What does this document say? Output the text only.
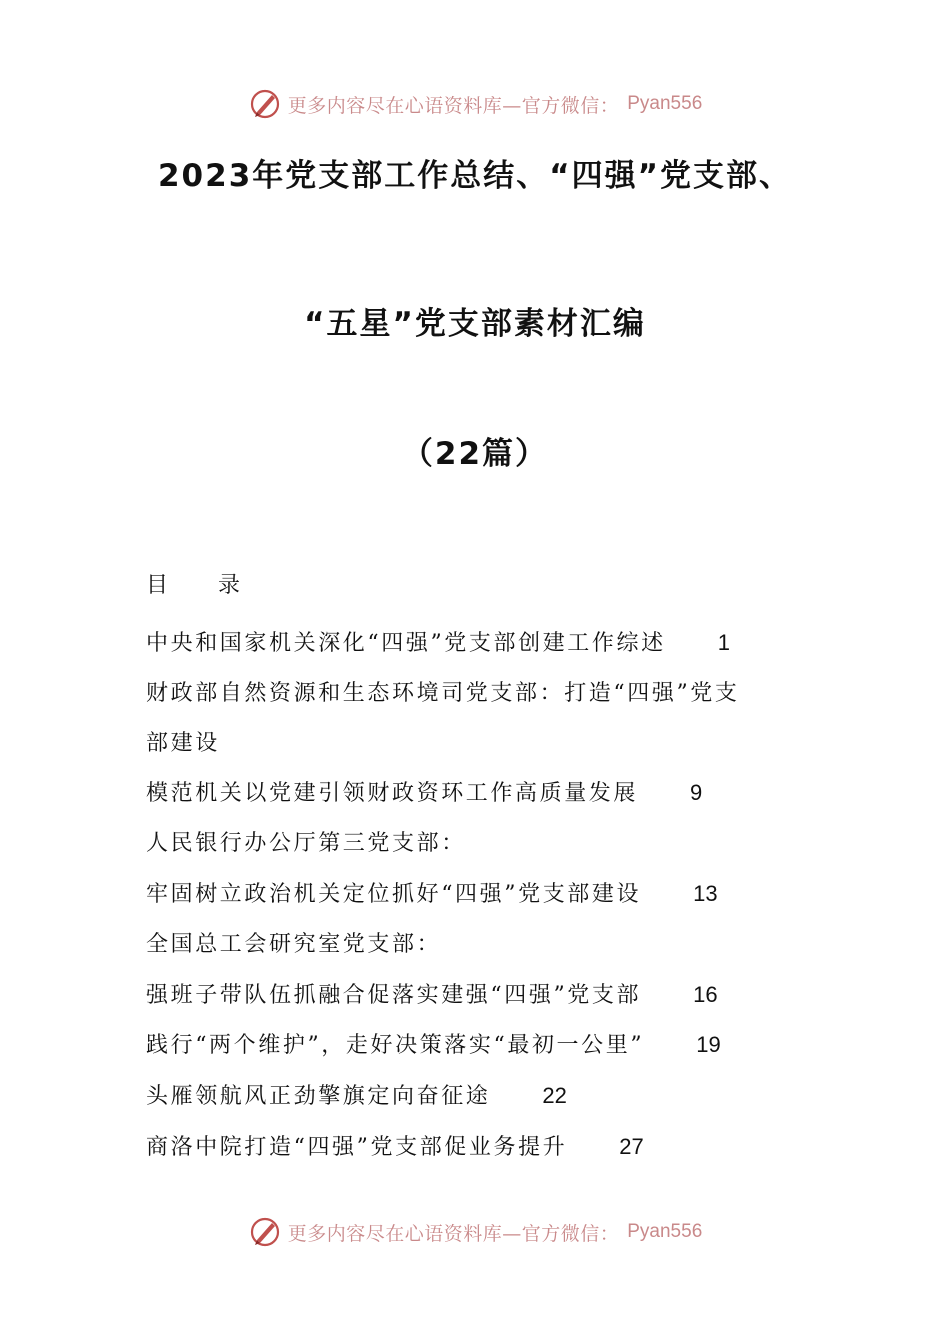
更多内容尽在心语资料库—官方微信： Pyan556
2023年党支部工作总结、“四强”党支部、
“五星”党支部素材汇编
（22篇）
目 录
中央和国家机关深化“四强”党支部创建工作综述 1
财政部自然资源和生态环境司党支部：打造“四强”党支
部建设
模范机关以党建引领财政资环工作高质量发展 9
人民银行办公厅第三党支部：
牢固树立政治机关定位抓好“四强”党支部建设 13
全国总工会研究室党支部：
强班子带队伍抓融合促落实建强“四强”党支部 16
践行“两个维护”，走好决策落实“最初一公里” 19
头雁领航风正劲擎旗定向奋征途 22
商洛中院打造“四强”党支部促业务提升 27
更多内容尽在心语资料库—官方微信： Pyan556
